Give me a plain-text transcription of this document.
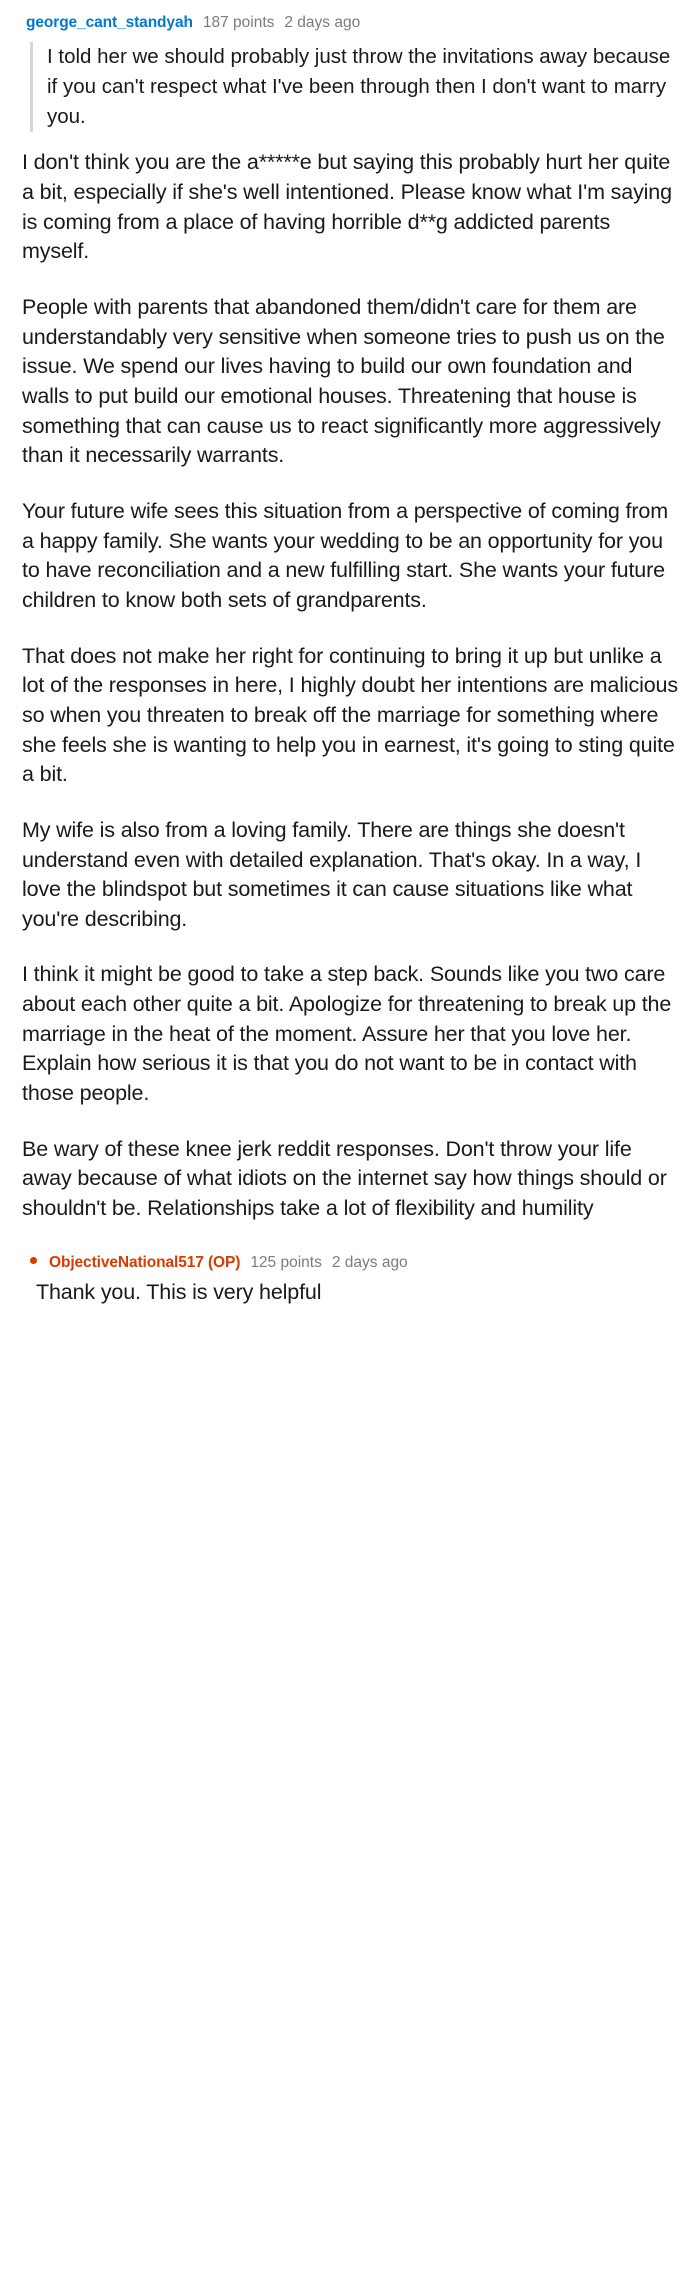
george_cant_standyah 187 points 2 days ago
I told her we should probably just throw the invitations away because if you can't respect what I've been through then I don't want to marry you.

I don't think you are the a*****e but saying this probably hurt her quite a bit, especially if she's well intentioned. Please know what I'm saying is coming from a place of having horrible d**g addicted parents myself.

People with parents that abandoned them/didn't care for them are understandably very sensitive when someone tries to push us on the issue. We spend our lives having to build our own foundation and walls to put build our emotional houses. Threatening that house is something that can cause us to react significantly more aggressively than it necessarily warrants.

Your future wife sees this situation from a perspective of coming from a happy family. She wants your wedding to be an opportunity for you to have reconciliation and a new fulfilling start. She wants your future children to know both sets of grandparents.

That does not make her right for continuing to bring it up but unlike a lot of the responses in here, I highly doubt her intentions are malicious so when you threaten to break off the marriage for something where she feels she is wanting to help you in earnest, it's going to sting quite a bit.

My wife is also from a loving family. There are things she doesn't understand even with detailed explanation. That's okay. In a way, I love the blindspot but sometimes it can cause situations like what you're describing.

I think it might be good to take a step back. Sounds like you two care about each other quite a bit. Apologize for threatening to break up the marriage in the heat of the moment. Assure her that you love her. Explain how serious it is that you do not want to be in contact with those people.

Be wary of these knee jerk reddit responses. Don't throw your life away because of what idiots on the internet say how things should or shouldn't be. Relationships take a lot of flexibility and humility

ObjectiveNational517 (OP) 125 points 2 days ago
Thank you. This is very helpful
